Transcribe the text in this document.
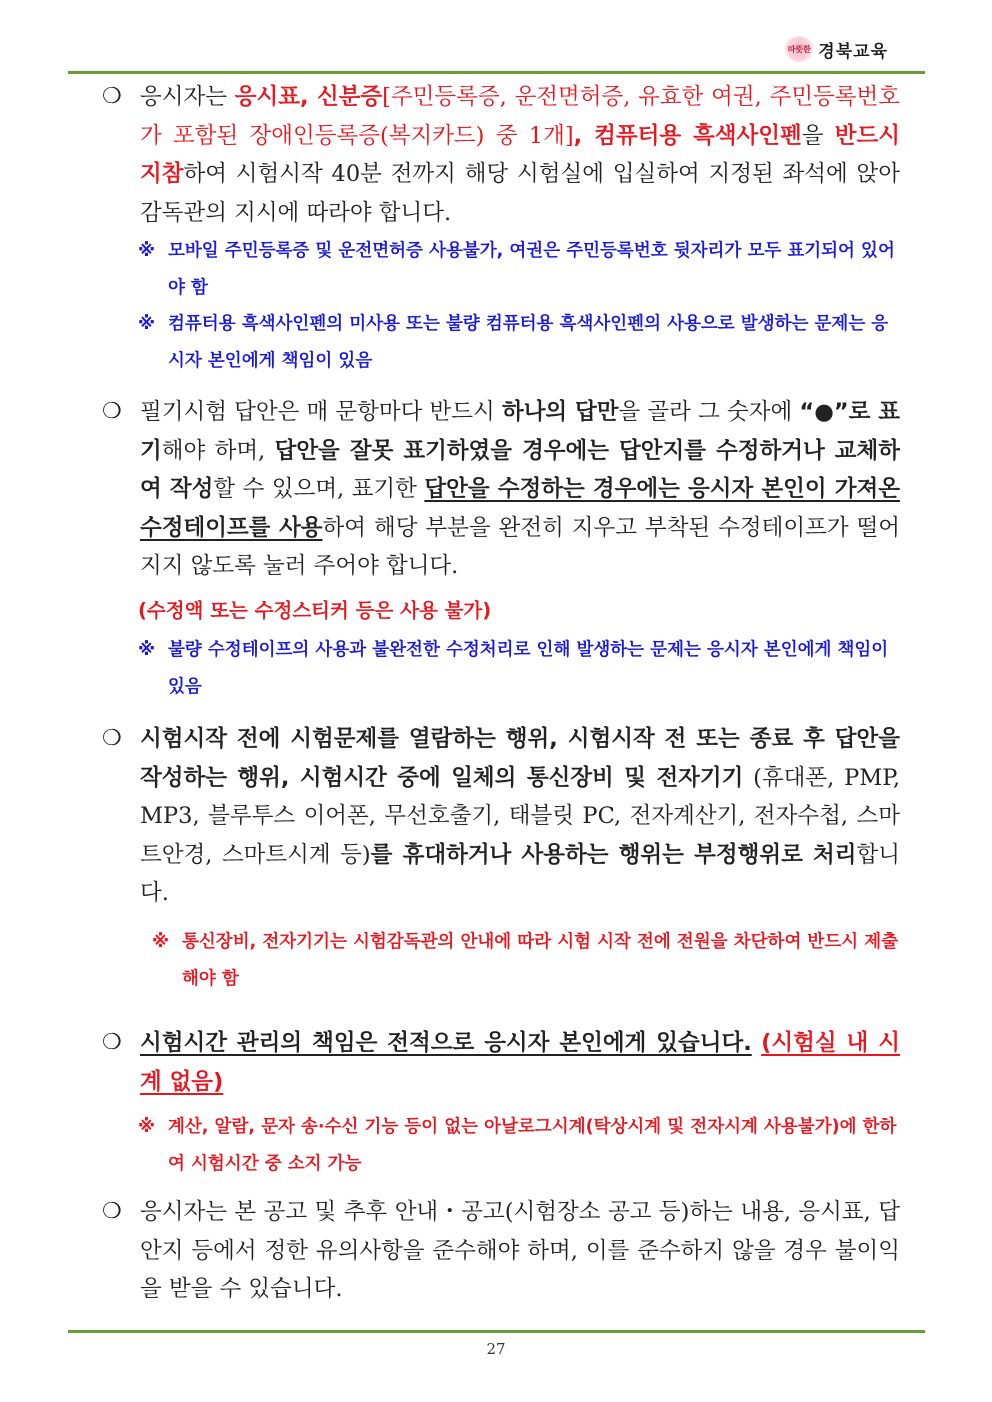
따뜻한 경북교육
❍ 응시자는 응시표, 신분증[주민등록증, 운전면허증, 유효한 여권, 주민등록번호가 포함된 장애인등록증(복지카드) 중 1개], 컴퓨터용 흑색사인펜을 반드시 지참하여 시험시작 40분 전까지 해당 시험실에 입실하여 지정된 좌석에 앉아 감독관의 지시에 따라야 합니다.
※ 모바일 주민등록증 및 운전면허증 사용불가, 여권은 주민등록번호 뒷자리가 모두 표기되어 있어야 함
※ 컴퓨터용 흑색사인펜의 미사용 또는 불량 컴퓨터용 흑색사인펜의 사용으로 발생하는 문제는 응시자 본인에게 책임이 있음
❍ 필기시험 답안은 매 문항마다 반드시 하나의 답만을 골라 그 숫자에 “●”로 표기해야 하며, 답안을 잘못 표기하였을 경우에는 답안지를 수정하거나 교체하여 작성할 수 있으며, 표기한 답안을 수정하는 경우에는 응시자 본인이 가져온 수정테이프를 사용하여 해당 부분을 완전히 지우고 부착된 수정테이프가 떨어지지 않도록 눌러 주어야 합니다.
(수정액 또는 수정스티커 등은 사용 불가)
※ 불량 수정테이프의 사용과 불완전한 수정처리로 인해 발생하는 문제는 응시자 본인에게 책임이 있음
❍ 시험시작 전에 시험문제를 열람하는 행위, 시험시작 전 또는 종료 후 답안을 작성하는 행위, 시험시간 중에 일체의 통신장비 및 전자기기 (휴대폰, PMP, MP3, 블루투스 이어폰, 무선호출기, 태블릿 PC, 전자계산기, 전자수첩, 스마트안경, 스마트시계 등)를 휴대하거나 사용하는 행위는 부정행위로 처리합니다.
※ 통신장비, 전자기기는 시험감독관의 안내에 따라 시험 시작 전에 전원을 차단하여 반드시 제출해야 함
❍ 시험시간 관리의 책임은 전적으로 응시자 본인에게 있습니다. (시험실 내 시계 없음)
※ 계산, 알람, 문자 송·수신 기능 등이 없는 아날로그시계(탁상시계 및 전자시계 사용불가)에 한하여 시험시간 중 소지 가능
❍ 응시자는 본 공고 및 추후 안내・공고(시험장소 공고 등)하는 내용, 응시표, 답안지 등에서 정한 유의사항을 준수해야 하며, 이를 준수하지 않을 경우 불이익을 받을 수 있습니다.
27
